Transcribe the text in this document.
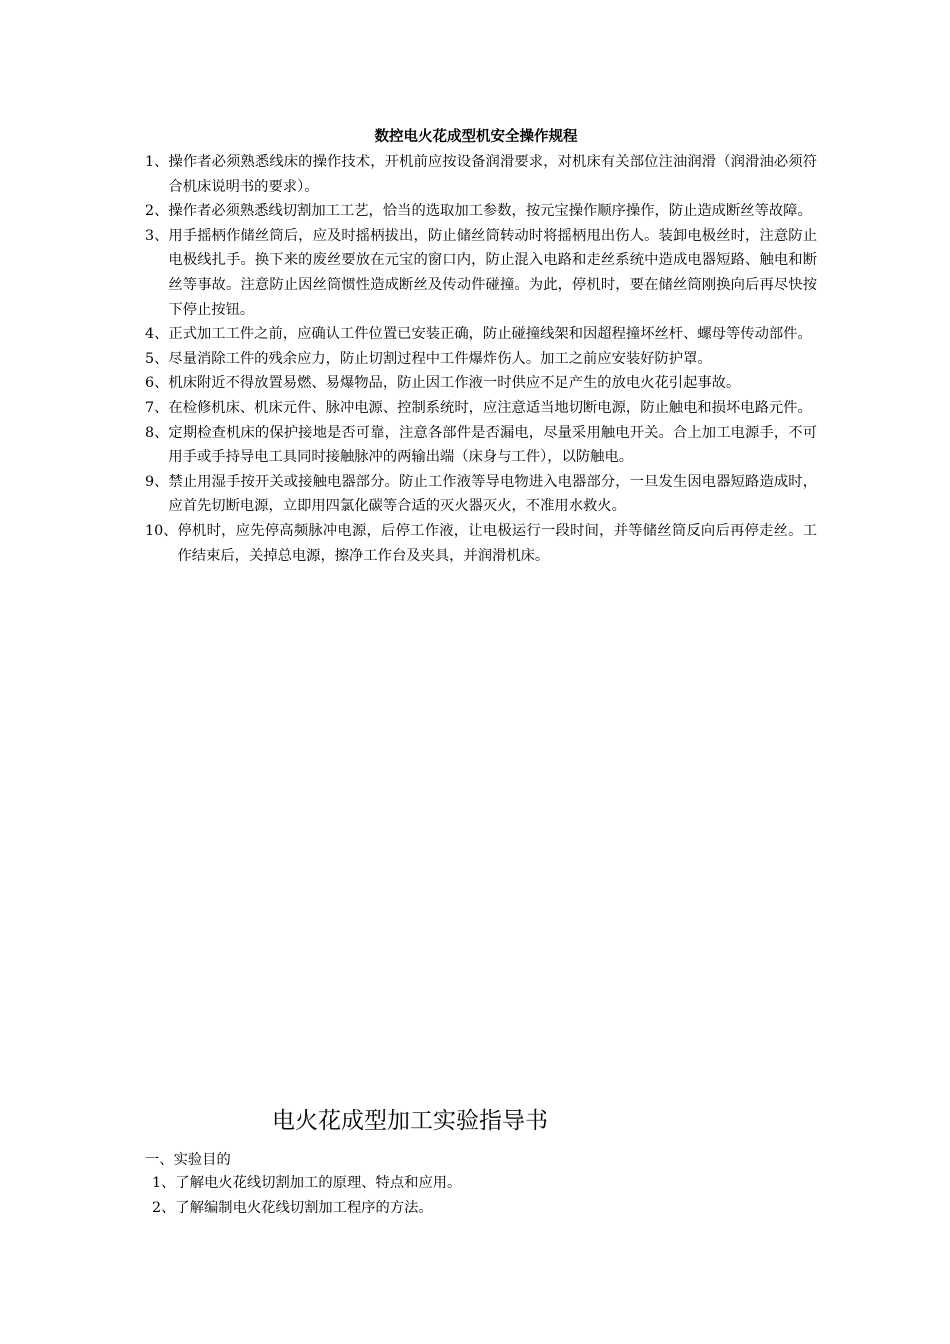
数控电火花成型机安全操作规程
1、 操作者必须熟悉线床的操作技术，开机前应按设备润滑要求，对机床有关部位注油润滑（润滑油必须符合机床说明书的要求）。
2、 操作者必须熟悉线切割加工工艺，恰当的选取加工参数，按元宝操作顺序操作，防止造成断丝等故障。
3、 用手摇柄作储丝筒后，应及时摇柄拔出，防止储丝筒转动时将摇柄甩出伤人。装卸电极丝时，注意防止电极线扎手。换下来的废丝要放在元宝的窗口内，防止混入电路和走丝系统中造成电器短路、触电和断丝等事故。注意防止因丝筒惯性造成断丝及传动件碰撞。为此，停机时，要在储丝筒刚换向后再尽快按下停止按钮。
4、 正式加工工件之前，应确认工件位置已安装正确，防止碰撞线架和因超程撞坏丝杆、螺母等传动部件。
5、 尽量消除工件的残余应力，防止切割过程中工件爆炸伤人。加工之前应安装好防护罩。
6、 机床附近不得放置易燃、易爆物品，防止因工作液一时供应不足产生的放电火花引起事故。
7、 在检修机床、机床元件、脉冲电源、控制系统时，应注意适当地切断电源，防止触电和损坏电路元件。
8、 定期检查机床的保护接地是否可靠，注意各部件是否漏电，尽量采用触电开关。合上加工电源手，不可用手或手持导电工具同时接触脉冲的两输出端（床身与工件），以防触电。
9、 禁止用湿手按开关或接触电器部分。防止工作液等导电物进入电器部分，一旦发生因电器短路造成时，应首先切断电源，立即用四氯化碳等合适的灭火器灭火，不准用水救火。
10、 停机时，应先停高频脉冲电源，后停工作液，让电极运行一段时间，并等储丝筒反向后再停走丝。工作结束后，关掉总电源，擦净工作台及夹具，并润滑机床。
电火花成型加工实验指导书
一、实验目的
1、了解电火花线切割加工的原理、特点和应用。
2、了解编制电火花线切割加工程序的方法。
